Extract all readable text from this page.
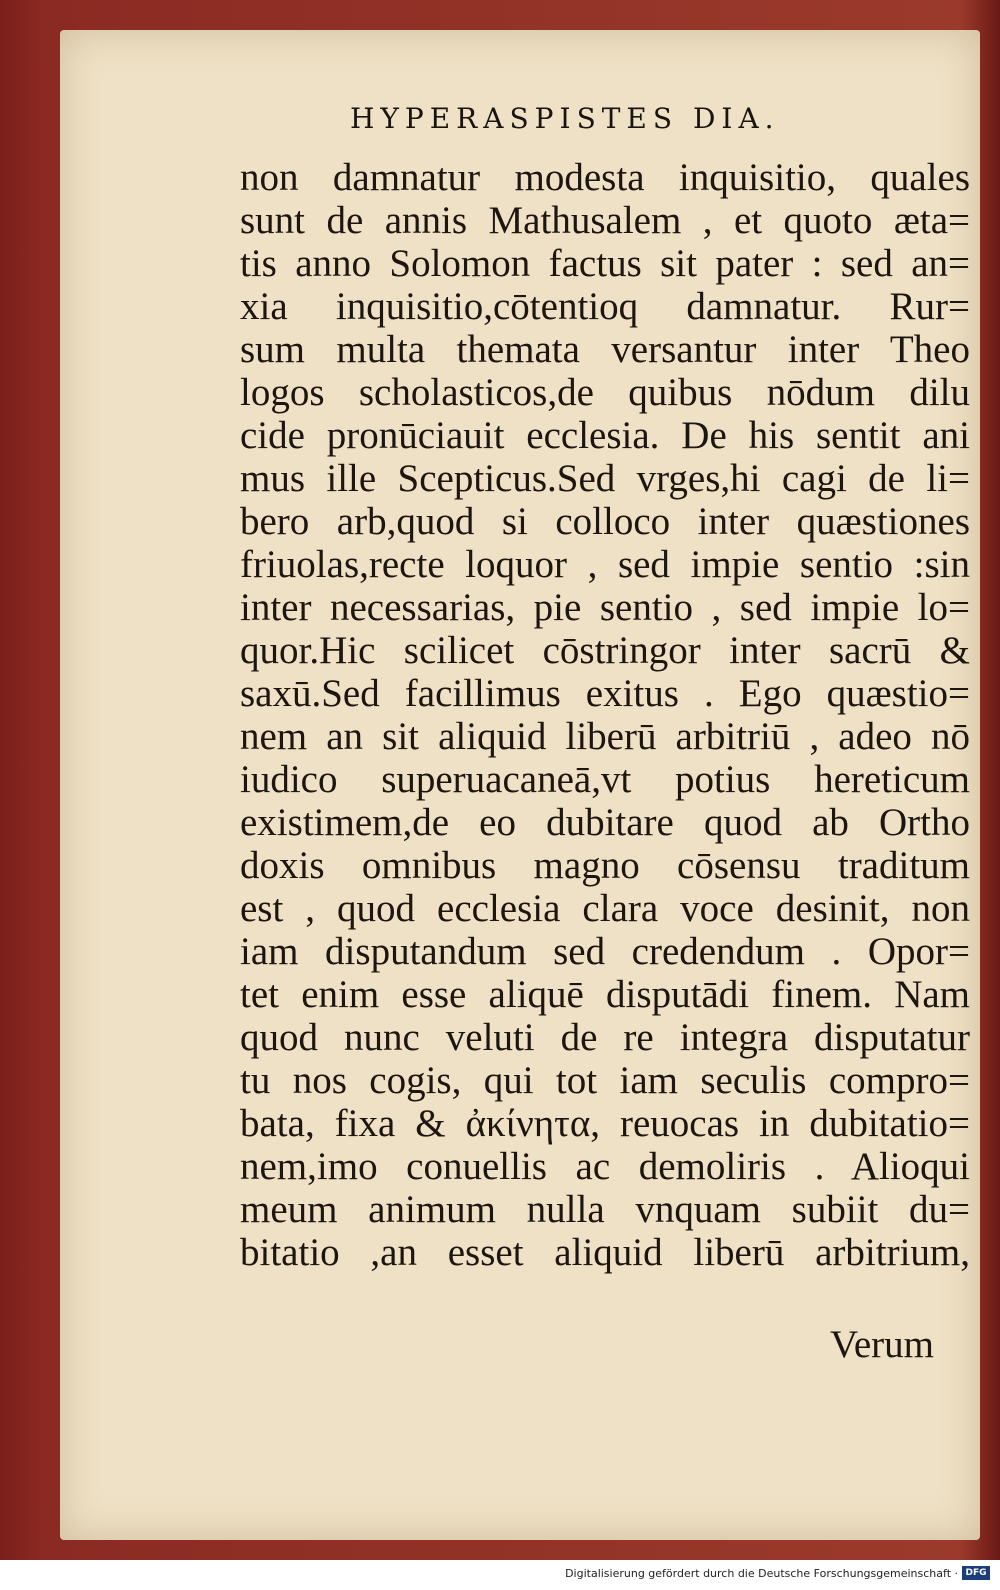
HYPERASPISTES DIA.
non damnatur modesta inquisitio, quales
sunt de annis Mathusalem , et quoto æta=
tis anno Solomon factus sit pater : sed an=
xia inquisitio,cōtentioq damnatur. Rur=
sum multa themata versantur inter Theo
logos scholasticos,de quibus nōdum dilu
cide pronūciauit ecclesia. De his sentit ani
mus ille Scepticus.Sed vrges,hi cagi de li=
bero arb,quod si colloco inter quæstiones
friuolas,recte loquor , sed impie sentio :sin
inter necessarias, pie sentio , sed impie lo=
quor.Hic scilicet cōstringor inter sacrū &
saxū.Sed facillimus exitus . Ego quæstio=
nem an sit aliquid liberū arbitriū , adeo nō
iudico superuacaneā,vt potius hereticum
existimem,de eo dubitare quod ab Ortho
doxis omnibus magno cōsensu traditum
est , quod ecclesia clara voce desinit, non
iam disputandum sed credendum . Opor=
tet enim esse aliquē disputādi finem. Nam
quod nunc veluti de re integra disputatur
tu nos cogis, qui tot iam seculis compro=
bata, fixa & ἀκίνητα, reuocas in dubitatio=
nem,imo conuellis ac demoliris . Alioqui
meum animum nulla vnquam subiit du=
bitatio ,an esset aliquid liberū arbitrium,
Verum
Digitalisierung gefördert durch die Deutsche Forschungsgemeinschaft · DFG
